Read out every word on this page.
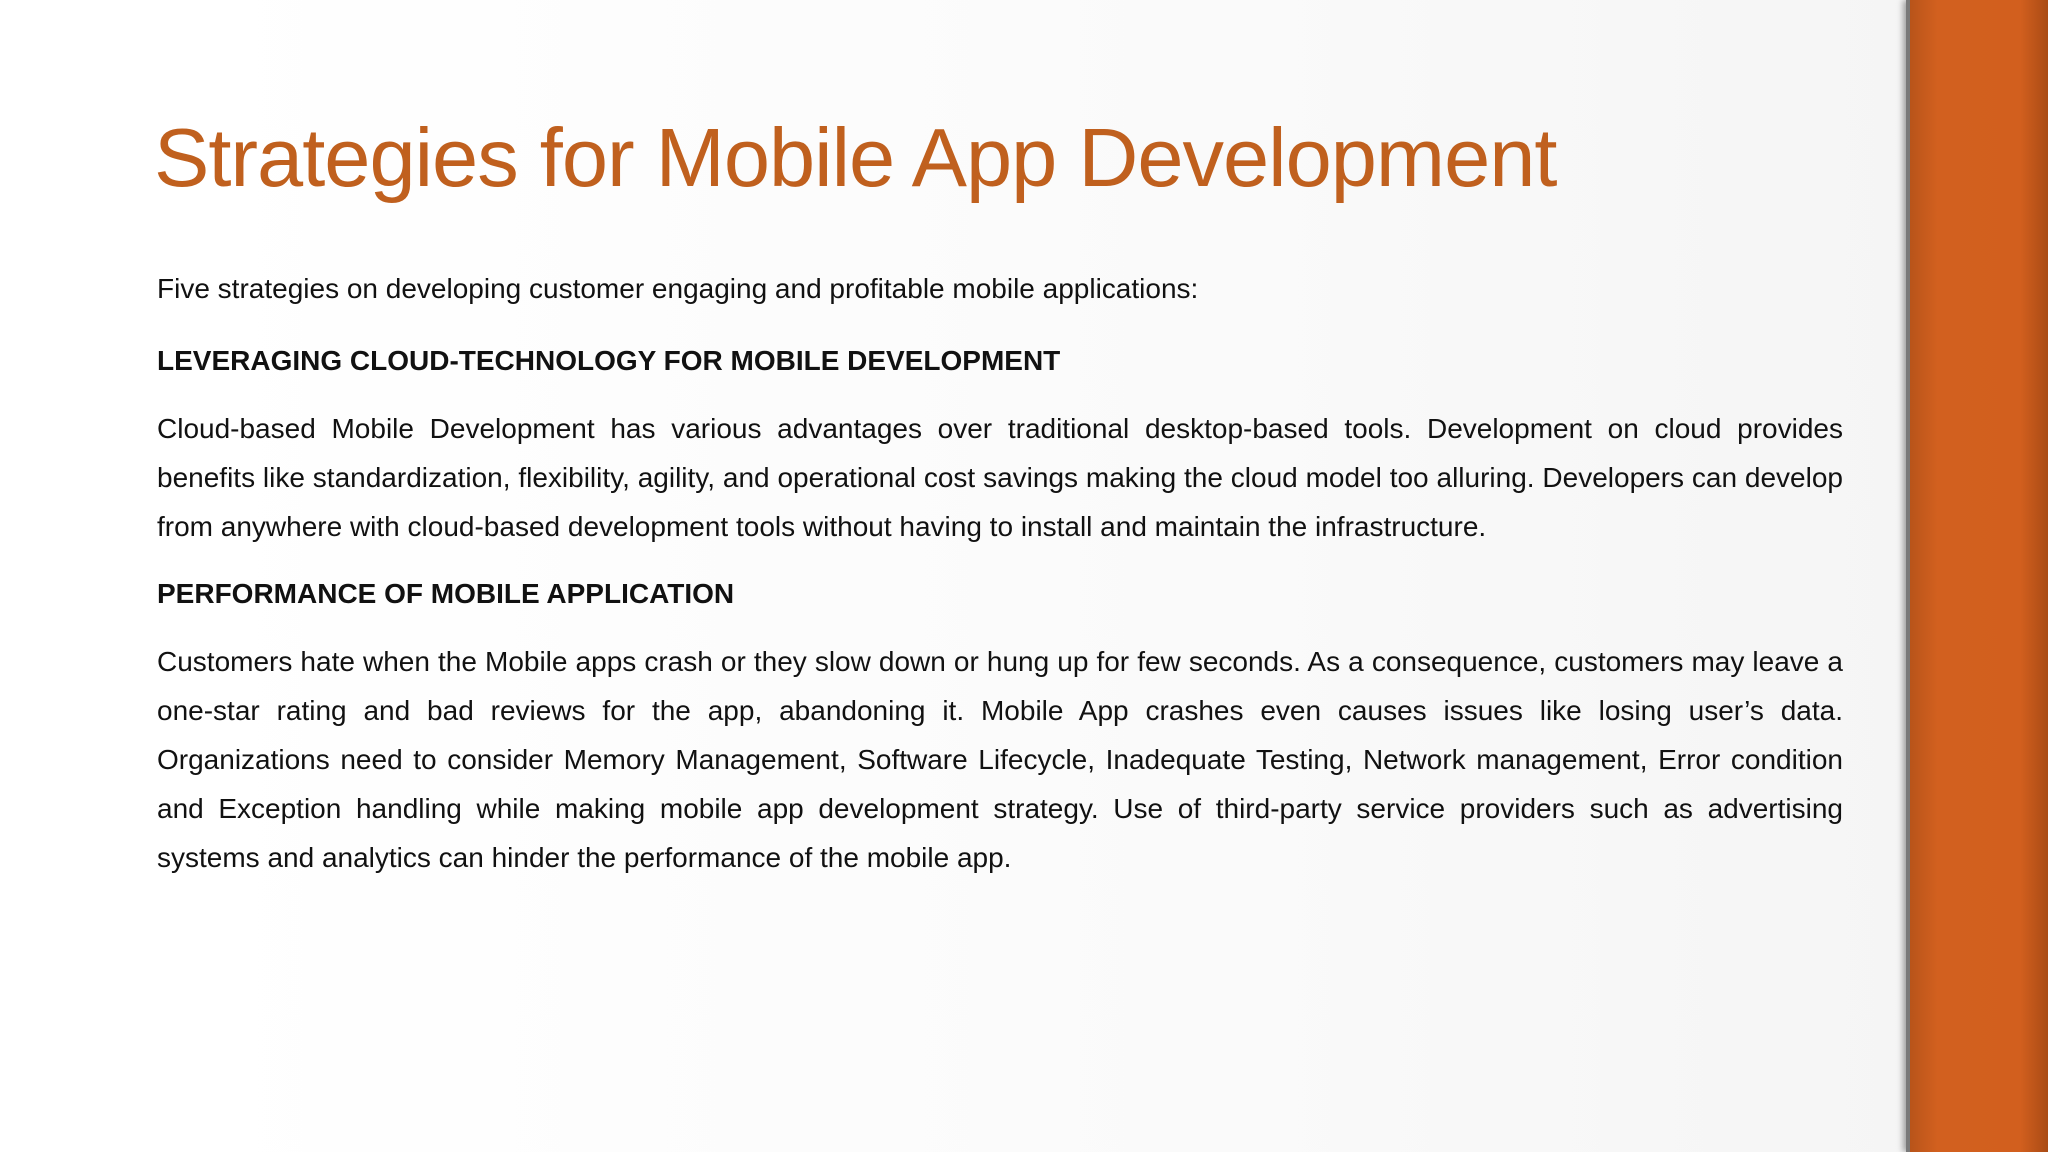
Strategies for Mobile App Development

Five strategies on developing customer engaging and profitable mobile applications:

LEVERAGING CLOUD-TECHNOLOGY FOR MOBILE DEVELOPMENT

Cloud-based Mobile Development has various advantages over traditional desktop-based tools. Development on cloud provides benefits like standardization, flexibility, agility, and operational cost savings making the cloud model too alluring. Developers can develop from anywhere with cloud-based development tools without having to install and maintain the infrastructure.

PERFORMANCE OF MOBILE APPLICATION

Customers hate when the Mobile apps crash or they slow down or hung up for few seconds. As a consequence, customers may leave a one-star rating and bad reviews for the app, abandoning it. Mobile App crashes even causes issues like losing user’s data. Organizations need to consider Memory Management, Software Lifecycle, Inadequate Testing, Network management, Error condition and Exception handling while making mobile app development strategy. Use of third-party service providers such as advertising systems and analytics can hinder the performance of the mobile app.
